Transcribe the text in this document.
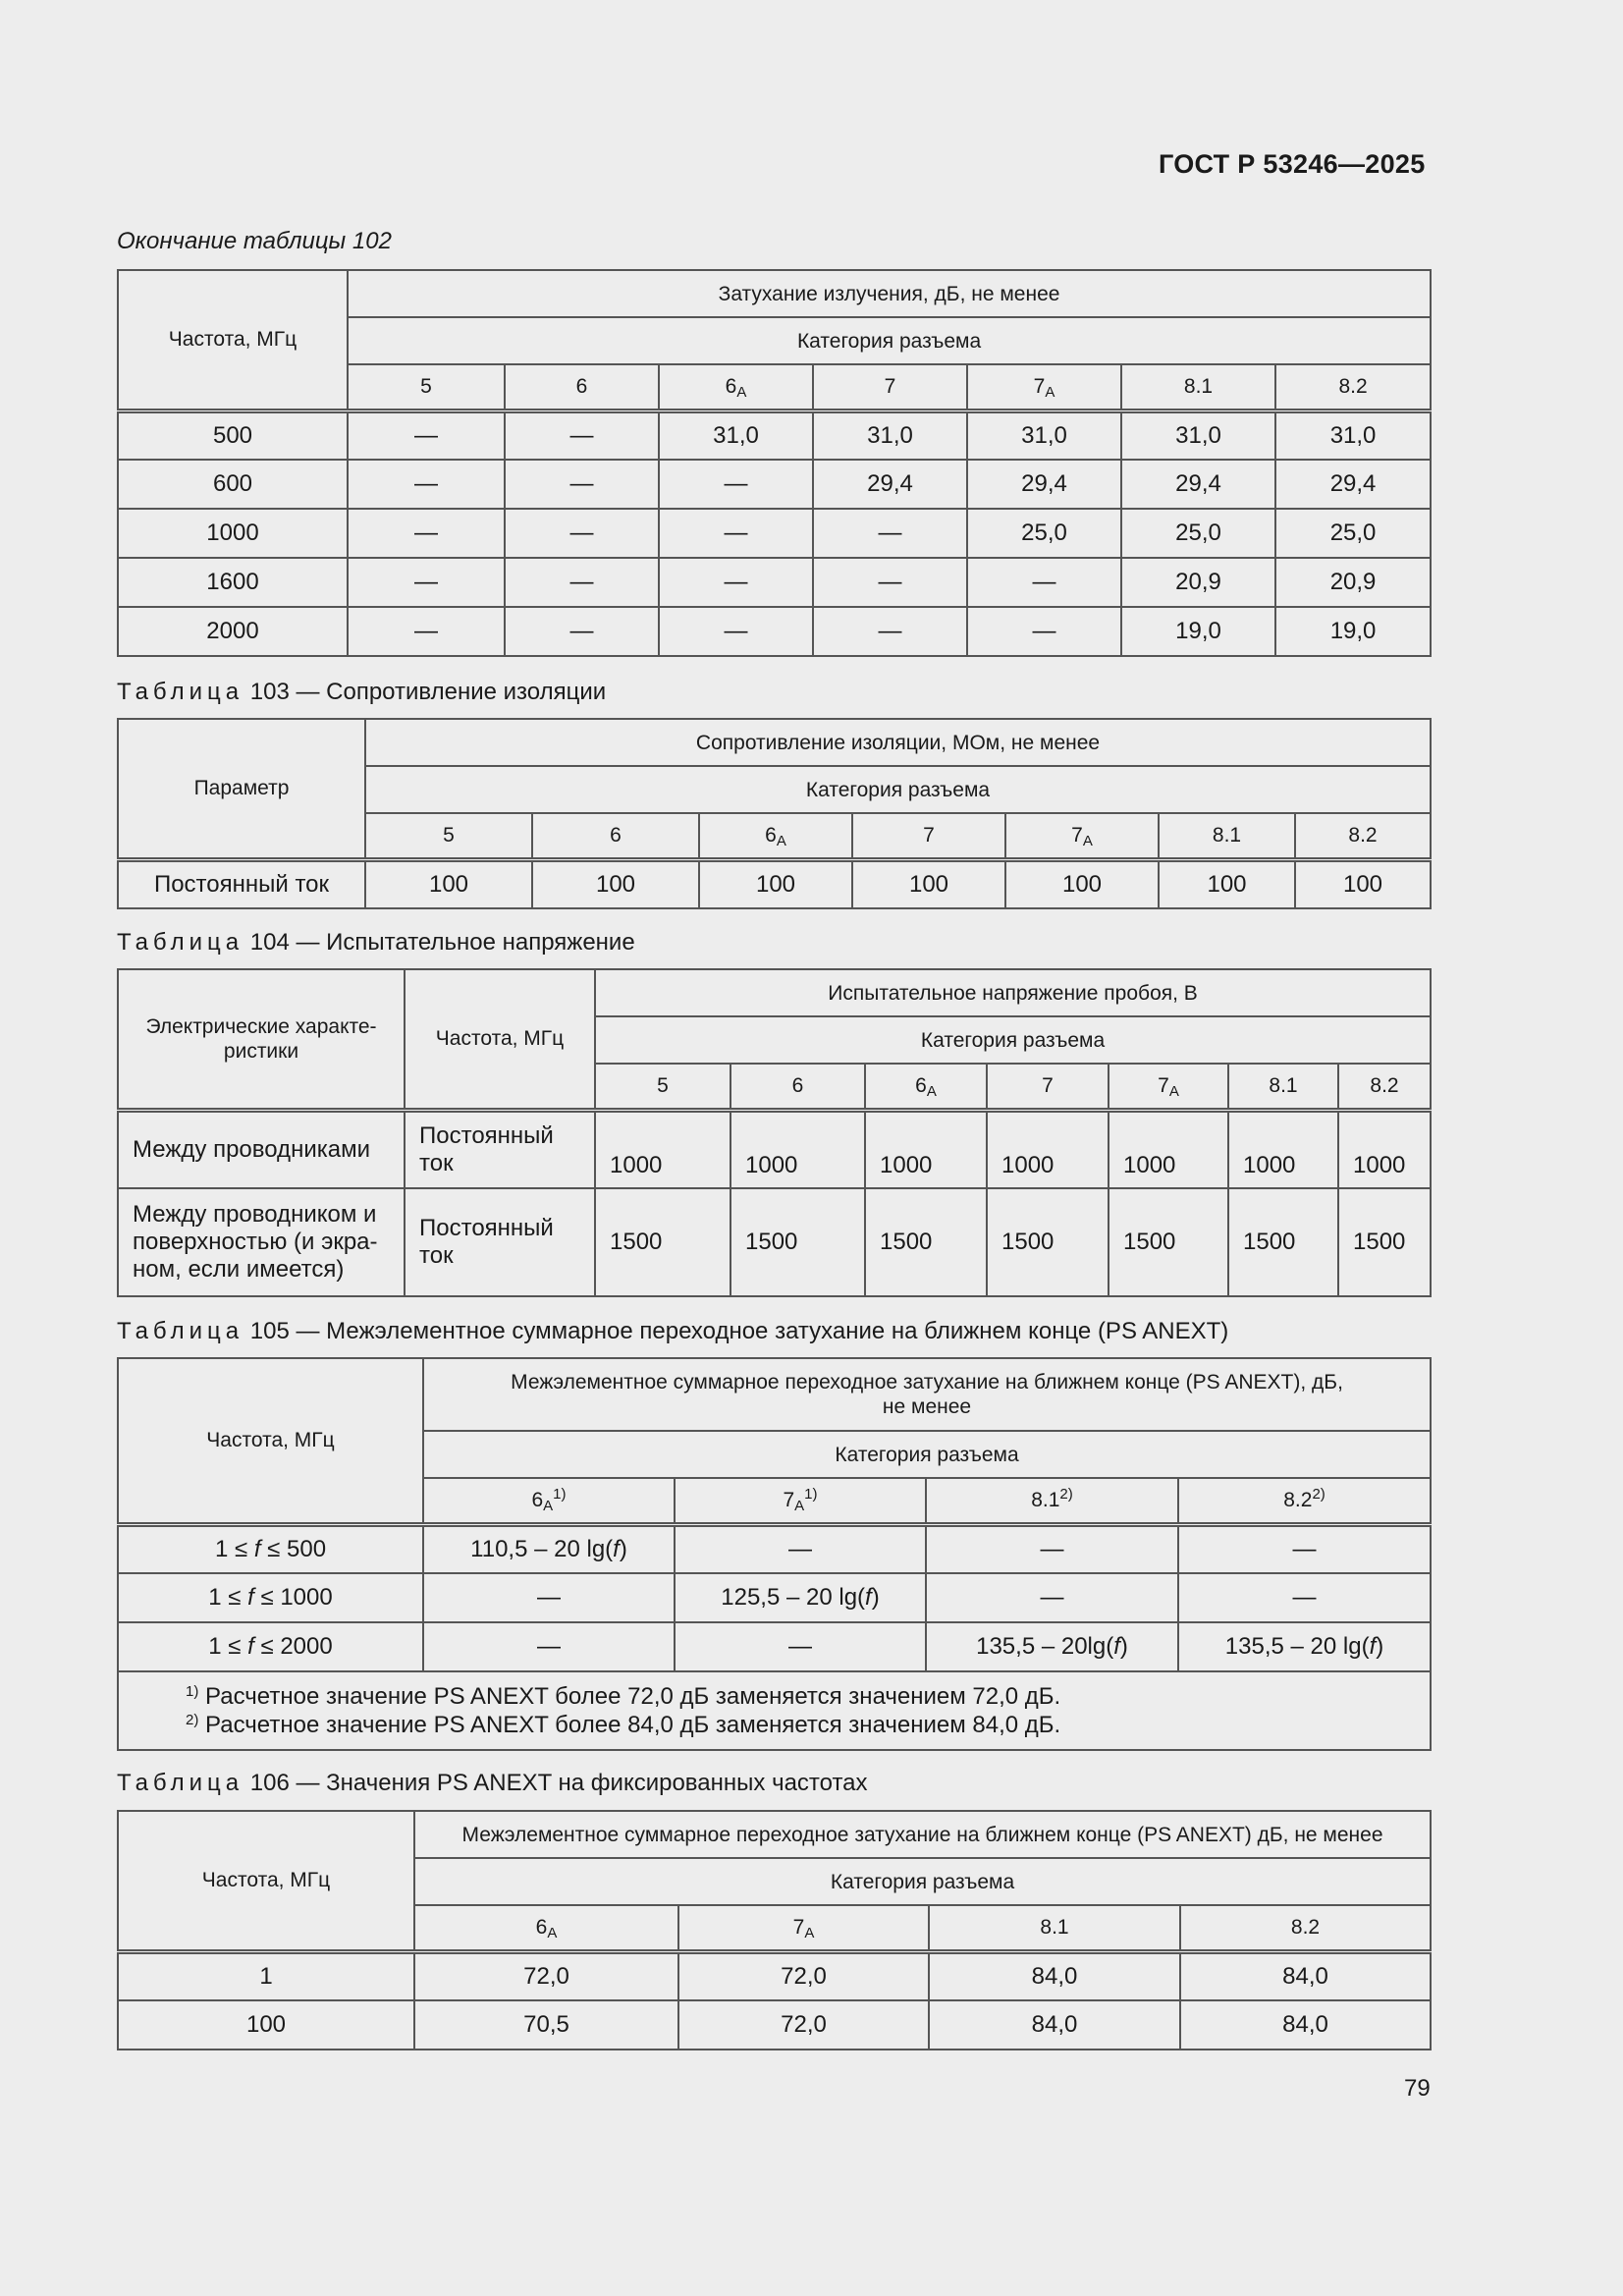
ГОСТ Р 53246—2025
Окончание таблицы 102
Частота, МГц	Затухание излучения, дБ, не менее						
	Категория разъема						
	5	6	$6_A$	7	$7_A$	8.1	8.2
500	—	—	31,0	31,0	31,0	31,0	31,0
600	—	—	—	29,4	29,4	29,4	29,4
1000	—	—	—	—	25,0	25,0	25,0
1600	—	—	—	—	—	20,9	20,9
2000	—	—	—	—	—	19,0	19,0
Таблица 103 — Сопротивление изоляции
Параметр	Сопротивление изоляции, МОм, не менее						
	Категория разъема						
	5	6	$6_A$	7	$7_A$	8.1	8.2
Постоянный ток	100	100	100	100	100	100	100
Таблица 104 — Испытательное напряжение
Электрические характе-ристики	Частота, МГц	Испытательное напряжение пробоя, В						
		Категория разъема						
		5	6	$6_A$	7	$7_A$	8.1	8.2
Между проводниками	Постоянный ток	1000	1000	1000	1000	1000	1000	1000
Между проводником и поверхностью (и экра-ном, если имеется)	Постоянный ток	1500	1500	1500	1500	1500	1500	1500
Таблица 105 — Межэлементное суммарное переходное затухание на ближнем конце (PS ANEXT)
Частота, МГц	Межэлементное суммарное переходное затухание на ближнем конце (PS ANEXT), дБ,
не менее			

	Категория разъема			
	$6_A^{1)}$	$7_A^{1)}$	8.1$^{2)}$	8.2$^{2)}$
1 ≤ f ≤ 500	110,5 – 20 lg(f)	—	—	—
1 ≤ f ≤ 1000	—	125,5 – 20 lg(f)	—	—
1 ≤ f ≤ 2000	—	—	135,5 – 20lg(f)	135,5 – 20 lg(f)

$^{1)}$ Расчетное значение PS ANEXT более 72,0 дБ заменяется значением 72,0 дБ.
$^{2)}$ Расчетное значение PS ANEXT более 84,0 дБ заменяется значением 84,0 дБ.				
Таблица 106 — Значения PS ANEXT на фиксированных частотах
Частота, МГц	Межэлементное суммарное переходное затухание на ближнем конце (PS ANEXT) дБ, не менее			
	Категория разъема			
	$6_A$	$7_A$	8.1	8.2
1	72,0	72,0	84,0	84,0
100	70,5	72,0	84,0	84,0
79
